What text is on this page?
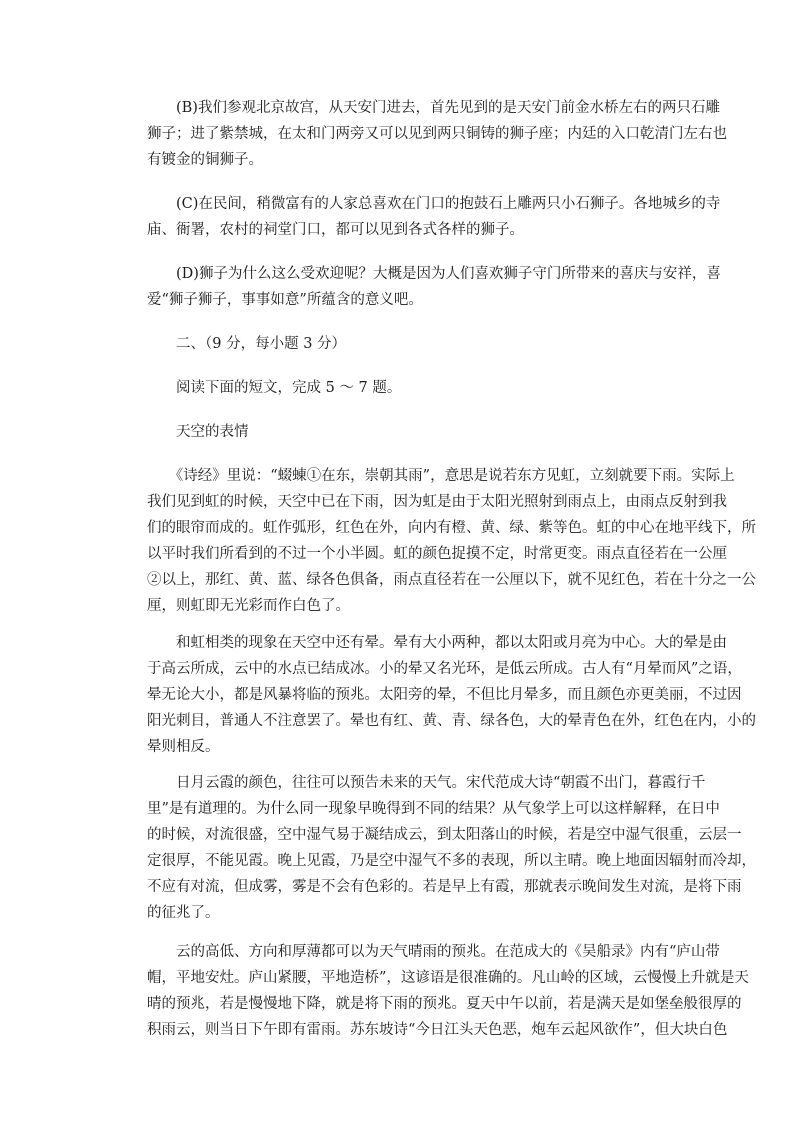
　　(B)我们参观北京故宫，从天安门进去，首先见到的是天安门前金水桥左右的两只石雕
狮子；进了紫禁城，在太和门两旁又可以见到两只铜铸的狮子座；内廷的入口乾清门左右也
有镀金的铜狮子。
　　(C)在民间，稍微富有的人家总喜欢在门口的抱鼓石上雕两只小石狮子。各地城乡的寺
庙、衙署，农村的祠堂门口，都可以见到各式各样的狮子。
　　(D)狮子为什么这么受欢迎呢？大概是因为人们喜欢狮子守门所带来的喜庆与安祥，喜
爱“狮子狮子，事事如意”所蕴含的意义吧。
　　二、（9 分，每小题 3 分）
　　阅读下面的短文，完成 5 ～ 7 题。
　　天空的表情
　　《诗经》里说：“蝃蝀①在东，崇朝其雨”，意思是说若东方见虹，立刻就要下雨。实际上
我们见到虹的时候，天空中已在下雨，因为虹是由于太阳光照射到雨点上，由雨点反射到我
们的眼帘而成的。虹作弧形，红色在外，向内有橙、黄、绿、紫等色。虹的中心在地平线下，所
以平时我们所看到的不过一个小半圆。虹的颜色捉摸不定，时常更变。雨点直径若在一公厘
②以上，那红、黄、蓝、绿各色俱备，雨点直径若在一公厘以下，就不见红色，若在十分之一公
厘，则虹即无光彩而作白色了。
　　和虹相类的现象在天空中还有晕。晕有大小两种，都以太阳或月亮为中心。大的晕是由
于高云所成，云中的水点已结成冰。小的晕又名光环，是低云所成。古人有“月晕而风”之语，
晕无论大小，都是风暴将临的预兆。太阳旁的晕，不但比月晕多，而且颜色亦更美丽，不过因
阳光刺目，普通人不注意罢了。晕也有红、黄、青、绿各色，大的晕青色在外，红色在内，小的
晕则相反。
　　日月云霞的颜色，往往可以预告未来的天气。宋代范成大诗“朝霞不出门，暮霞行千
里”是有道理的。为什么同一现象早晚得到不同的结果？从气象学上可以这样解释，在日中
的时候，对流很盛，空中湿气易于凝结成云，到太阳落山的时候，若是空中湿气很重，云层一
定很厚，不能见霞。晚上见霞，乃是空中湿气不多的表现，所以主晴。晚上地面因辐射而冷却，
不应有对流，但成雾，雾是不会有色彩的。若是早上有霞，那就表示晚间发生对流，是将下雨
的征兆了。
　　云的高低、方向和厚薄都可以为天气晴雨的预兆。在范成大的《吴船录》内有“庐山带
帽，平地安灶。庐山紧腰，平地造桥”，这谚语是很准确的。凡山岭的区域，云慢慢上升就是天
晴的预兆，若是慢慢地下降，就是将下雨的预兆。夏天中午以前，若是满天是如堡垒般很厚的
积雨云，则当日下午即有雷雨。苏东坡诗“今日江头天色恶，炮车云起风欲作”，但大块白色
